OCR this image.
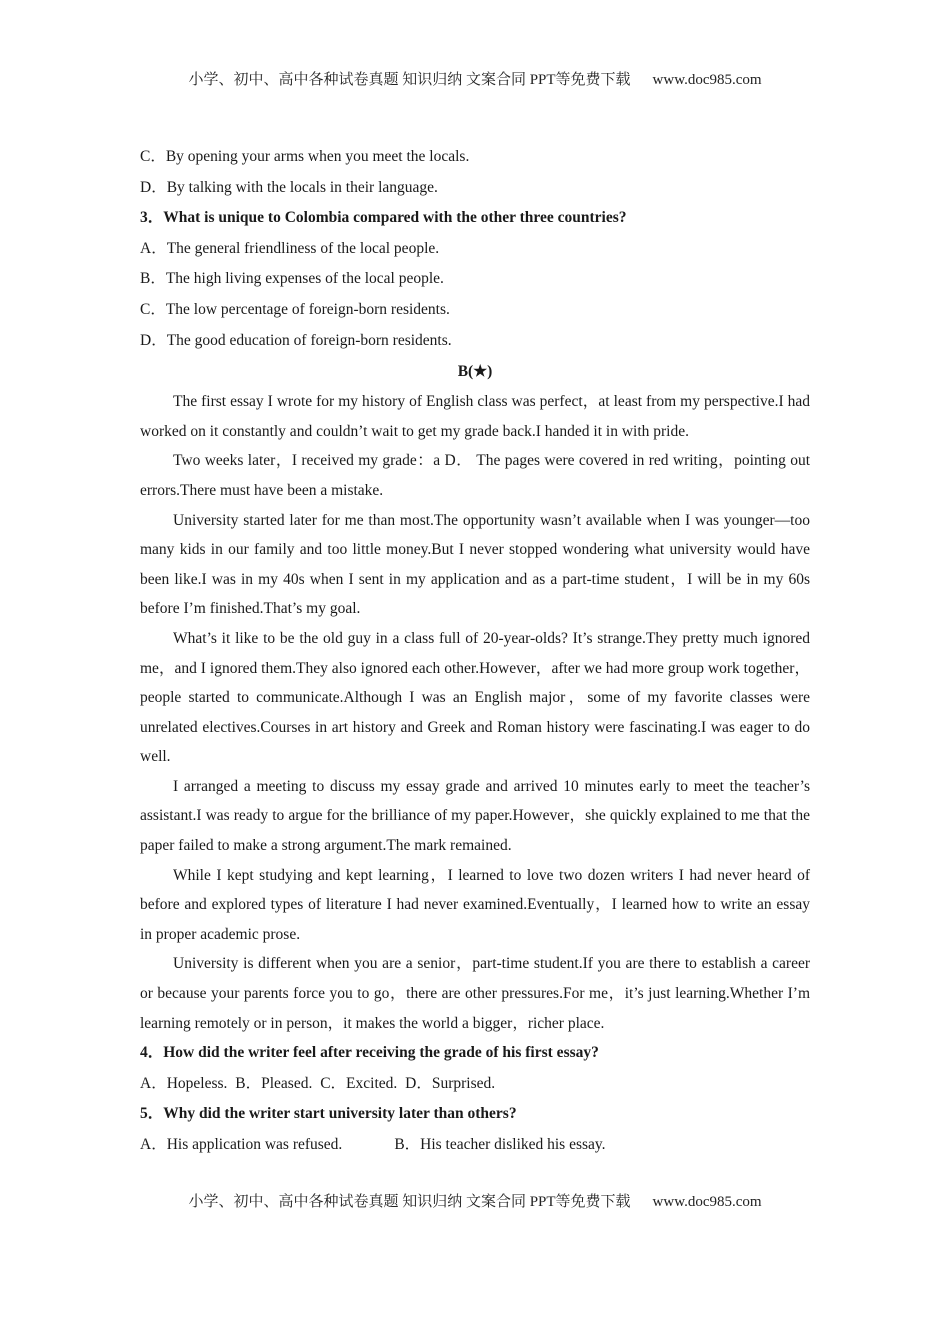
小学、初中、高中各种试卷真题 知识归纳 文案合同 PPT等免费下载 www.doc985.com
C．By opening your arms when you meet the locals.
D．By talking with the locals in their language.
3．What is unique to Colombia compared with the other three countries?
A．The general friendliness of the local people.
B．The high living expenses of the local people.
C．The low percentage of foreign-born residents.
D．The good education of foreign-born residents.
B(★)

The first essay I wrote for my history of English class was perfect，at least from my perspective.I had worked on it constantly and couldn’t wait to get my grade back.I handed it in with pride.

Two weeks later，I received my grade：a D． The pages were covered in red writing，pointing out errors.There must have been a mistake.

University started later for me than most.The opportunity wasn’t available when I was younger—too many kids in our family and too little money.But I never stopped wondering what university would have been like.I was in my 40s when I sent in my application and as a part-time student，I will be in my 60s before I’m finished.That’s my goal.

What’s it like to be the old guy in a class full of 20-year-olds? It’s strange.They pretty much ignored me，and I ignored them.They also ignored each other.However，after we had more group work together，people started to communicate.Although I was an English major，some of my favorite classes were unrelated electives.Courses in art history and Greek and Roman history were fascinating.I was eager to do well.

I arranged a meeting to discuss my essay grade and arrived 10 minutes early to meet the teacher’s assistant.I was ready to argue for the brilliance of my paper.However，she quickly explained to me that the paper failed to make a strong argument.The mark remained.

While I kept studying and kept learning，I learned to love two dozen writers I had never heard of before and explored types of literature I had never examined.Eventually，I learned how to write an essay in proper academic prose.

University is different when you are a senior，part-time student.If you are there to establish a career or because your parents force you to go，there are other pressures.For me，it’s just learning.Whether I’m learning remotely or in person，it makes the world a bigger，richer place.

4．How did the writer feel after receiving the grade of his first essay?
A．Hopeless. B．Pleased. C．Excited. D．Surprised.
5．Why did the writer start university later than others?
A．His application was refused.	B．His teacher disliked his essay.
小学、初中、高中各种试卷真题 知识归纳 文案合同 PPT等免费下载 www.doc985.com
